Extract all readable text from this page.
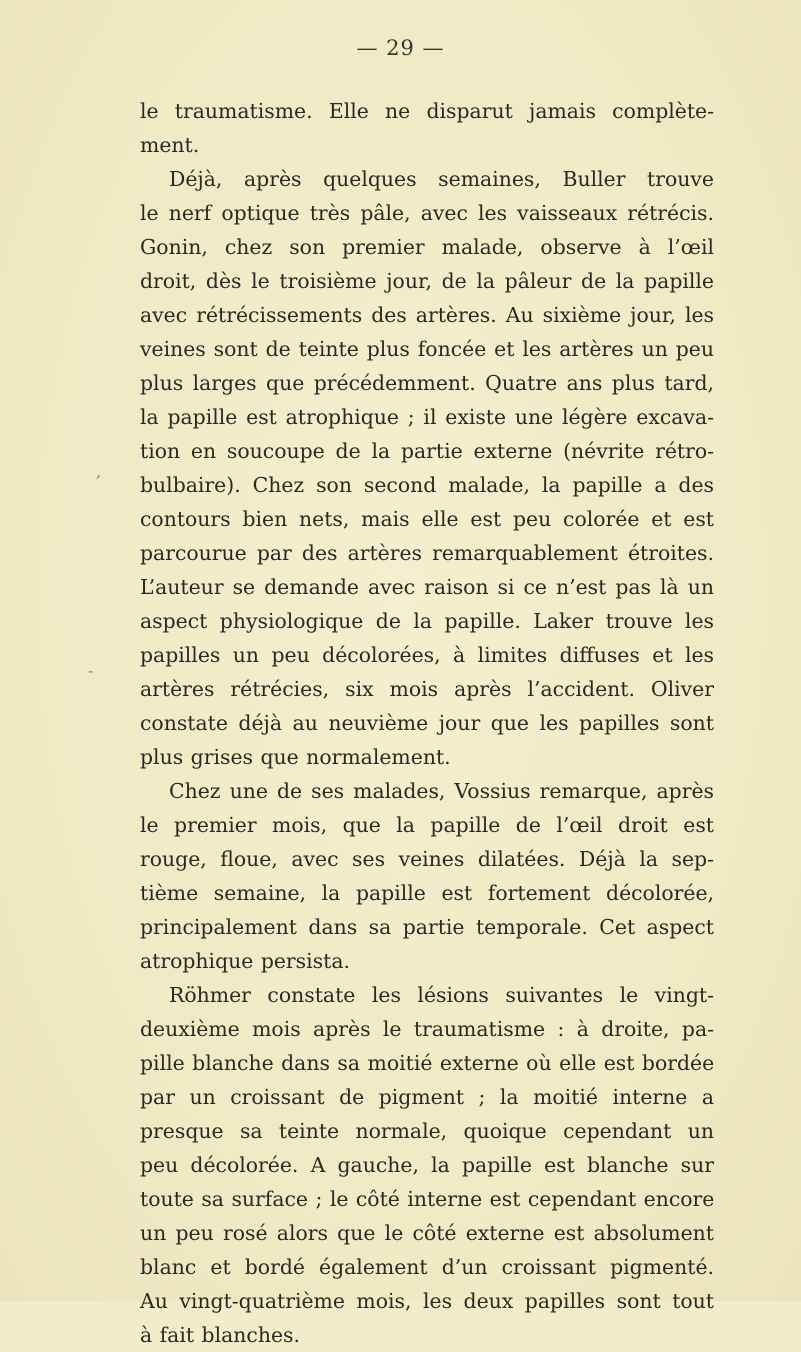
— 29 —
,
-
le traumatisme. Elle ne disparut jamais complète-
ment.
Déjà, après quelques semaines, Buller trouve
le nerf optique très pâle, avec les vaisseaux rétrécis.
Gonin, chez son premier malade, observe à l’œil
droit, dès le troisième jour, de la pâleur de la papille
avec rétrécissements des artères. Au sixième jour, les
veines sont de teinte plus foncée et les artères un peu
plus larges que précédemment. Quatre ans plus tard,
la papille est atrophique ; il existe une légère excava-
tion en soucoupe de la partie externe (névrite rétro-
bulbaire). Chez son second malade, la papille a des
contours bien nets, mais elle est peu colorée et est
parcourue par des artères remarquablement étroites.
L’auteur se demande avec raison si ce n’est pas là un
aspect physiologique de la papille. Laker trouve les
papilles un peu décolorées, à limites diffuses et les
artères rétrécies, six mois après l’accident. Oliver
constate déjà au neuvième jour que les papilles sont
plus grises que normalement.
Chez une de ses malades, Vossius remarque, après
le premier mois, que la papille de l’œil droit est
rouge, floue, avec ses veines dilatées. Déjà la sep-
tième semaine, la papille est fortement décolorée,
principalement dans sa partie temporale. Cet aspect
atrophique persista.
Röhmer constate les lésions suivantes le vingt-
deuxième mois après le traumatisme : à droite, pa-
pille blanche dans sa moitié externe où elle est bordée
par un croissant de pigment ; la moitié interne a
presque sa teinte normale, quoique cependant un
peu décolorée. A gauche, la papille est blanche sur
toute sa surface ; le côté interne est cependant encore
un peu rosé alors que le côté externe est absolument
blanc et bordé également d’un croissant pigmenté.
Au vingt-quatrième mois, les deux papilles sont tout
à fait blanches.
